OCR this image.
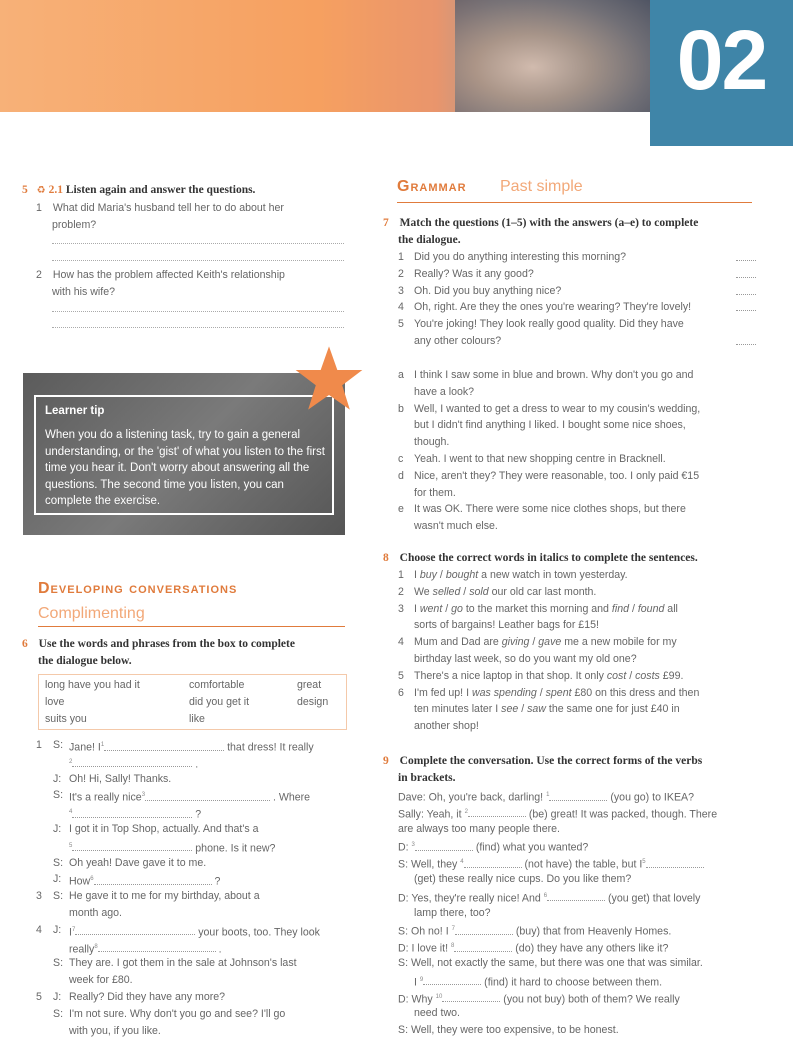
02
5 ♻ 2.1 Listen again and answer the questions.
1 What did Maria's husband tell her to do about her
problem?
2 How has the problem affected Keith's relationship
with his wife?
Learner tip
When you do a listening task, try to gain a general understanding, or the 'gist' of what you listen to the first time you hear it. Don't worry about answering all the questions. The second time you listen, you can complete the exercise.
Developing conversations
Complimenting
6 Use the words and phrases from the box to complete
the dialogue below.
long have you had it	comfortable	great
love	did you get it	design
suits you	like
1 S: Jane! $I^1$	that dress! It really
$^2$	.
J: Oh! Hi, Sally! Thanks.
S: It's a really nice$^3$	. Where
$^4$	?
J: I got it in Top Shop, actually. And that's a
$^5$	phone. Is it new?
S: Oh yeah! Dave gave it to me.
J: How$^6$	?
3 S: He gave it to me for my birthday, about a
month ago.
4 J: $I^7$	your boots, too. They look
really$^8$	.
S: They are. I got them in the sale at Johnson's last
week for £80.
5 J: Really? Did they have any more?
S: I'm not sure. Why don't you go and see? I'll go
with you, if you like.
Grammar Past simple
7 Match the questions (1–5) with the answers (a–e) to complete
the dialogue.
1 Did you do anything interesting this morning?
2 Really? Was it any good?
3 Oh. Did you buy anything nice?
4 Oh, right. Are they the ones you're wearing? They're lovely!
5 You're joking! They look really good quality. Did they have
any other colours?
a I think I saw some in blue and brown. Why don't you go and
have a look?
b Well, I wanted to get a dress to wear to my cousin's wedding,
but I didn't find anything I liked. I bought some nice shoes,
though.
c Yeah. I went to that new shopping centre in Bracknell.
d Nice, aren't they? They were reasonable, too. I only paid €15
for them.
e It was OK. There were some nice clothes shops, but there
wasn't much else.
8 Choose the correct words in italics to complete the sentences.
1 I buy / bought a new watch in town yesterday.
2 We selled / sold our old car last month.
3 I went / go to the market this morning and find / found all
sorts of bargains! Leather bags for £15!
4 Mum and Dad are giving / gave me a new mobile for my
birthday last week, so do you want my old one?
5 There's a nice laptop in that shop. It only cost / costs £99.
6 I'm fed up! I was spending / spent £80 on this dress and then
ten minutes later I see / saw the same one for just £40 in
another shop!
9 Complete the conversation. Use the correct forms of the verbs
in brackets.
Dave: Oh, you're back, darling! $^1$	(you go) to IKEA?
Sally: Yeah, it $^2$	(be) great! It was packed, though. There
are always too many people there.
D: $^3$	(find) what you wanted?
S: Well, they $^4$	(not have) the table, but $I^5$
(get) these really nice cups. Do you like them?
D: Yes, they're really nice! And $^6$	(you get) that lovely
lamp there, too?
S: Oh no! I $^7$	(buy) that from Heavenly Homes.
D: I love it! $^8$	(do) they have any others like it?
S: Well, not exactly the same, but there was one that was similar.
I $^9$	(find) it hard to choose between them.
D: Why $^{10}$	(you not buy) both of them? We really
need two.
S: Well, they were too expensive, to be honest.
